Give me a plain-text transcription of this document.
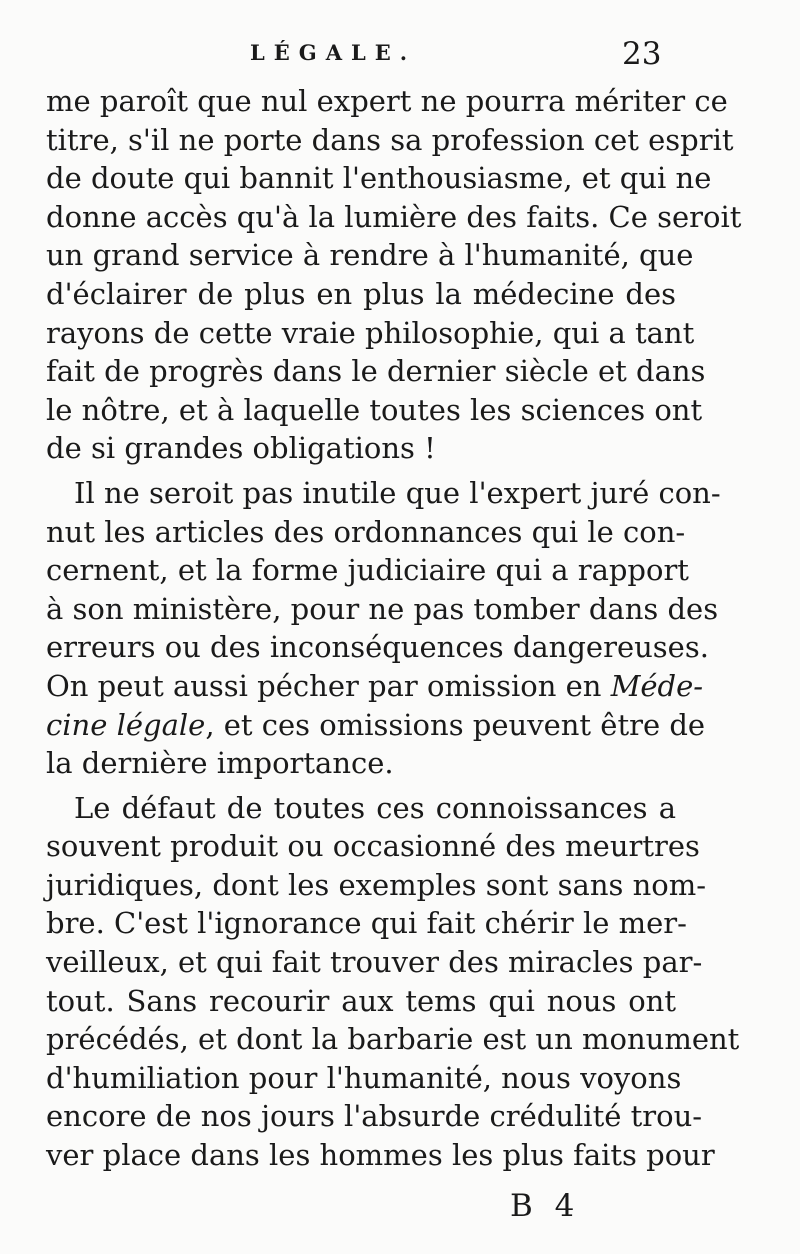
LÉGALE.	23
me paroît que nul expert ne pourra mériter ce
titre, s'il ne porte dans sa profession cet esprit
de doute qui bannit l'enthousiasme, et qui ne
donne accès qu'à la lumière des faits. Ce seroit
un grand service à rendre à l'humanité, que
d'éclairer de plus en plus la médecine des
rayons de cette vraie philosophie, qui a tant
fait de progrès dans le dernier siècle et dans
le nôtre, et à laquelle toutes les sciences ont
de si grandes obligations !
Il ne seroit pas inutile que l'expert juré con-
nut les articles des ordonnances qui le con-
cernent, et la forme judiciaire qui a rapport
à son ministère, pour ne pas tomber dans des
erreurs ou des inconséquences dangereuses.
On peut aussi pécher par omission en Méde-
cine légale, et ces omissions peuvent être de
la dernière importance.
Le défaut de toutes ces connoissances a
souvent produit ou occasionné des meurtres
juridiques, dont les exemples sont sans nom-
bre. C'est l'ignorance qui fait chérir le mer-
veilleux, et qui fait trouver des miracles par-
tout. Sans recourir aux tems qui nous ont
précédés, et dont la barbarie est un monument
d'humiliation pour l'humanité, nous voyons
encore de nos jours l'absurde crédulité trou-
ver place dans les hommes les plus faits pour
B 4
